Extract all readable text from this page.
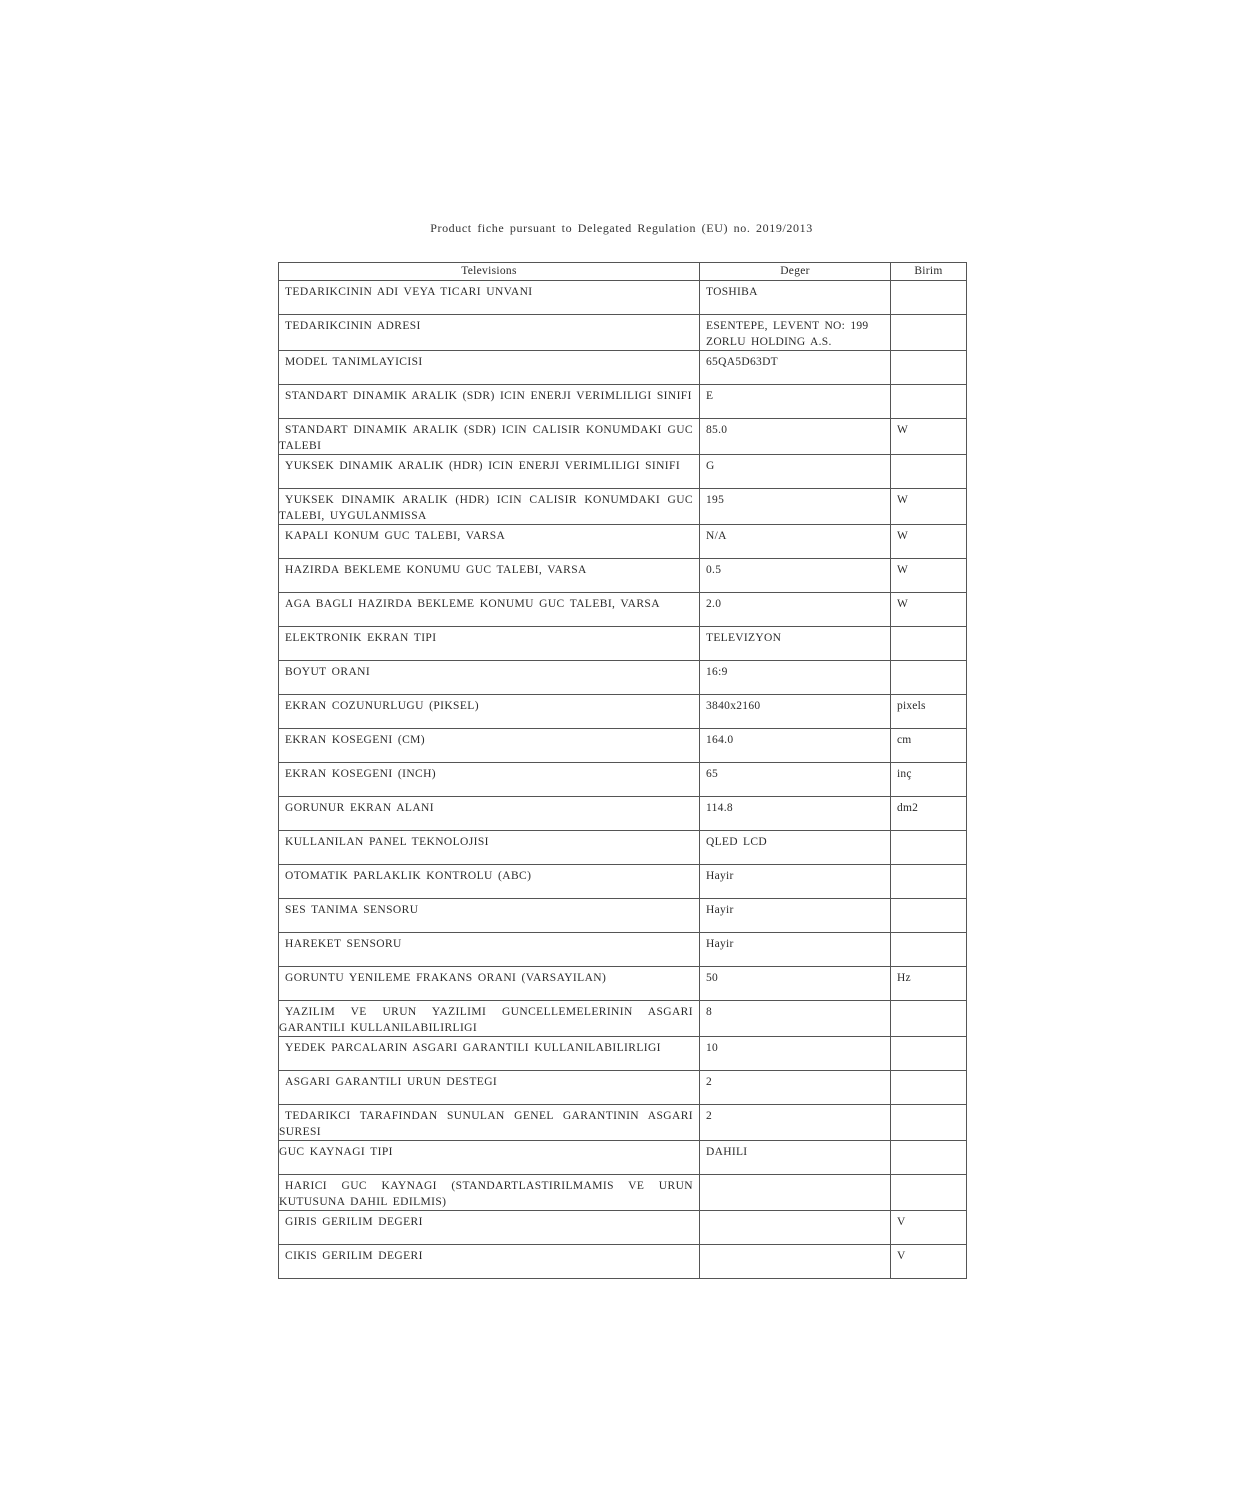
Product fiche pursuant to Delegated Regulation (EU) no. 2019/2013
Televisions	Deger	Birim

TEDARIKCININ ADI VEYA TICARI UNVANI	TOSHIBA	

TEDARIKCININ ADRESI	ESENTEPE, LEVENT NO: 199 ZORLU HOLDING A.S.	

MODEL TANIMLAYICISI	65QA5D63DT	

STANDART DINAMIK ARALIK (SDR) ICIN ENERJI VERIMLILIGI SINIFI	E	

STANDART DINAMIK ARALIK (SDR) ICIN CALISIR KONUMDAKI GUC TALEBI	85.0	W

YUKSEK DINAMIK ARALIK (HDR) ICIN ENERJI VERIMLILIGI SINIFI	G	

YUKSEK DINAMIK ARALIK (HDR) ICIN CALISIR KONUMDAKI GUC TALEBI, UYGULANMISSA	195	W

KAPALI KONUM GUC TALEBI, VARSA	N/A	W

HAZIRDA BEKLEME KONUMU GUC TALEBI, VARSA	0.5	W

AGA BAGLI HAZIRDA BEKLEME KONUMU GUC TALEBI, VARSA	2.0	W

ELEKTRONIK EKRAN TIPI	TELEVIZYON	

BOYUT ORANI	16:9	

EKRAN COZUNURLUGU (PIKSEL)	3840x2160	pixels

EKRAN KOSEGENI (CM)	164.0	cm

EKRAN KOSEGENI (INCH)	65	inç

GORUNUR EKRAN ALANI	114.8	dm2

KULLANILAN PANEL TEKNOLOJISI	QLED LCD	

OTOMATIK PARLAKLIK KONTROLU (ABC)	Hayir	

SES TANIMA SENSORU	Hayir	

HAREKET SENSORU	Hayir	

GORUNTU YENILEME FRAKANS ORANI (VARSAYILAN)	50	Hz

YAZILIM VE URUN YAZILIMI GUNCELLEMELERININ ASGARI GARANTILI KULLANILABILIRLIGI	8	

YEDEK PARCALARIN ASGARI GARANTILI KULLANILABILIRLIGI	10	

ASGARI GARANTILI URUN DESTEGI	2	

TEDARIKCI TARAFINDAN SUNULAN GENEL GARANTININ ASGARI SURESI	2	

GUC KAYNAGI TIPI	DAHILI	

HARICI GUC KAYNAGI (STANDARTLASTIRILMAMIS VE URUN KUTUSUNA DAHIL EDILMIS)		

GIRIS GERILIM DEGERI		V

CIKIS GERILIM DEGERI		V
